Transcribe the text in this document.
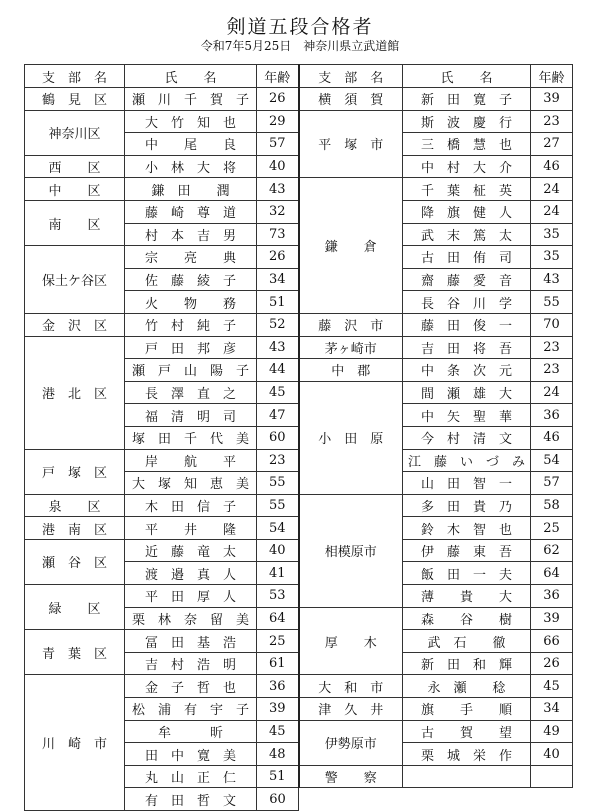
剣道五段合格者
令和7年5月25日　神奈川県立武道館
支　部　名	氏　　名	年齢	支　部　名	氏　　名	年齢
鶴　見　区	瀬　川　千　賀　子	26	横　須　賀	新　田　寛　子	39
神奈川区	大　竹　知　也	29	平　塚　市	斯　波　慶　行	23
	中　　尾　　良	57		三　橋　慧　也	27
西　　区	小　林　大　将	40		中　村　大　介	46
中　　区	鎌　田　　潤	43	鎌　　倉	千　葉　柾　英	24
南　　区	藤　崎　尊　道	32		降　旗　健　人	24
	村　本　吉　男	73		武　末　篤　太	35
保土ケ谷区	宗　　亮　　典	26		古　田　侑　司	35
	佐　藤　綾　子	34		齋　藤　愛　音	43
	火　　物　　務	51		長　谷　川　学	55
金　沢　区	竹　村　純　子	52	藤　沢　市	藤　田　俊　一	70
港　北　区	戸　田　邦　彦	43	茅ヶ崎市	吉　田　将　吾	23
	瀬　戸　山　陽　子	44	中　郡	中　条　次　元	23
	長　澤　直　之	45	小　田　原	間　瀬　雄　大	24
	福　清　明　司	47		中　矢　聖　華	36
	塚　田　千　代　美	60		今　村　清　文	46
戸　塚　区	岸　　航　　平	23		江　藤　い　づ　み	54
	大　塚　知　恵　美	55		山　田　智　一	57
泉　　区	木　田　信　子	55	相模原市	多　田　貴　乃	58
港　南　区	平　　井　　隆	54		鈴　木　智　也	25
瀬　谷　区	近　藤　竜　太	40		伊　藤　東　吾	62
	渡　邉　真　人	41		飯　田　一　夫	64
緑　　区	平　田　厚　人	53		薄　　貴　　大	36
	栗　林　奈　留　美	64	厚　　木	森　　谷　　樹	39
青　葉　区	冨　田　基　浩	25		武　石　　徹	66
	吉　村　浩　明	61		新　田　和　輝	26
川　崎　市	金　子　哲　也	36	大　和　市	永　瀬　　稔	45
	松　浦　有　宇　子	39	津　久　井	旗　　手　　順	34
	牟　　　昕	45	伊勢原市	古　　賀　　望	49
	田　中　寛　美	48		栗　城　栄　作	40
	丸　山　正　仁	51	警　　察		
	有　田　哲　文	60			
